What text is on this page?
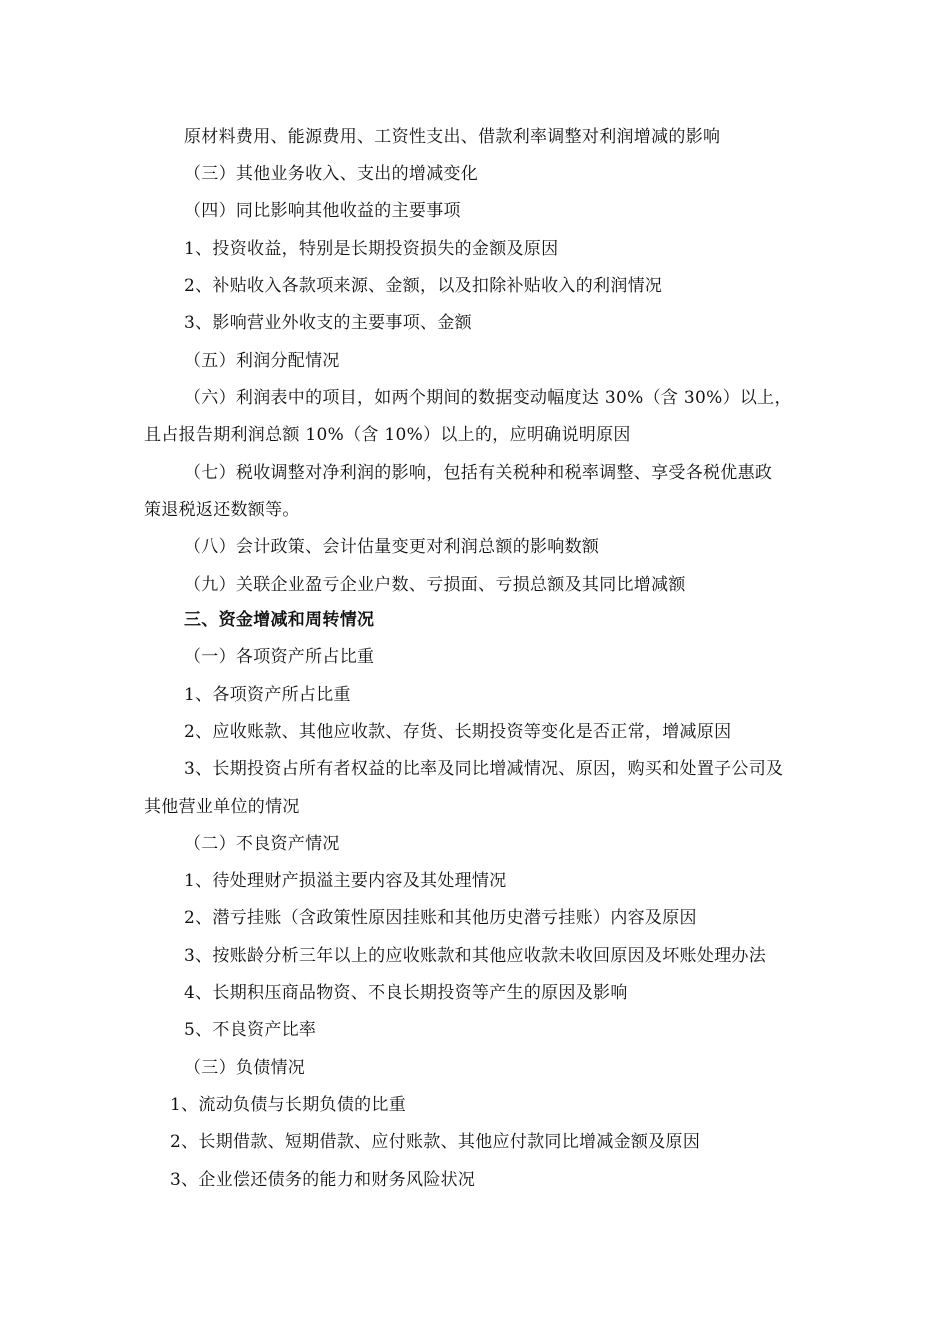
原材料费用、能源费用、工资性支出、借款利率调整对利润增减的影响
（三）其他业务收入、支出的增减变化
（四）同比影响其他收益的主要事项
1、投资收益，特别是长期投资损失的金额及原因
2、补贴收入各款项来源、金额，以及扣除补贴收入的利润情况
3、影响营业外收支的主要事项、金额
（五）利润分配情况
（六）利润表中的项目，如两个期间的数据变动幅度达 30%（含 30%）以上，
且占报告期利润总额 10%（含 10%）以上的，应明确说明原因
（七）税收调整对净利润的影响，包括有关税种和税率调整、享受各税优惠政
策退税返还数额等。
（八）会计政策、会计估量变更对利润总额的影响数额
（九）关联企业盈亏企业户数、亏损面、亏损总额及其同比增减额
三、资金增减和周转情况
（一）各项资产所占比重
1、各项资产所占比重
2、应收账款、其他应收款、存货、长期投资等变化是否正常，增减原因
3、长期投资占所有者权益的比率及同比增减情况、原因，购买和处置子公司及
其他营业单位的情况
（二）不良资产情况
1、待处理财产损溢主要内容及其处理情况
2、潜亏挂账（含政策性原因挂账和其他历史潜亏挂账）内容及原因
3、按账龄分析三年以上的应收账款和其他应收款未收回原因及坏账处理办法
4、长期积压商品物资、不良长期投资等产生的原因及影响
5、不良资产比率
（三）负债情况
1、流动负债与长期负债的比重
2、长期借款、短期借款、应付账款、其他应付款同比增减金额及原因
3、企业偿还债务的能力和财务风险状况
